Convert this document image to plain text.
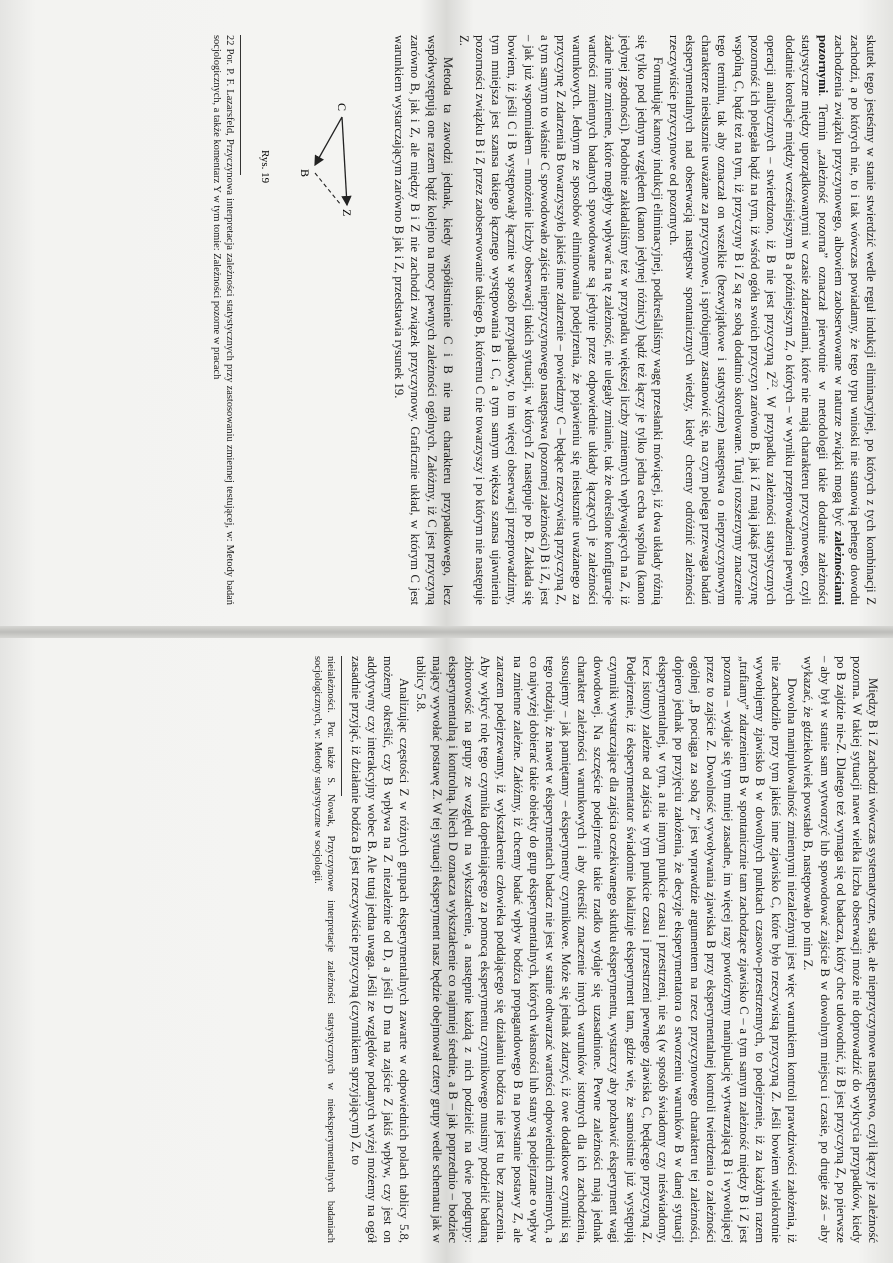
skutek tego jesteśmy w stanie stwierdzić wedle reguł indukcji eliminacyjnej, po których z tych kombinacji Z zachodzi, a po których nie, to i tak wówczas powiadamy, że tego typu wnioski nie stanowią pełnego dowodu zachodzenia związku przyczynowego, albowiem zaobserwowane w naturze związki mogą być zależnościami pozornymi. Termin „zależność pozorna” oznaczał pierwotnie w metodologii takie dodatnie zależności statystyczne między uporządkowanymi w czasie zdarzeniami, które nie mają charakteru przyczynowego, czyli dodatnie korelacje między wcześniejszym B a późniejszym Z, o których – w wyniku przeprowadzenia pewnych operacji analitycznych – stwierdzono, iż B nie jest przyczyną $Z^{22}$. W przypadku zależności statystycznych pozorność ich polegała bądź na tym, iż wśród ogółu swoich przyczyn zarówno B, jak i Z mają jakąś przyczynę wspólną C, bądź też na tym, iż przyczyny B i Z są ze sobą dodatnio skorelowane. Tutaj rozszerzymy znaczenie tego terminu, tak aby oznaczał on wszelkie (bezwyjątkowe i statystyczne) następstwa o nieprzyczynowym charakterze niesłusznie uważane za przyczynowe, i spróbujemy zastanowić się, na czym polega przewaga badań eksperymentalnych nad obserwacją następstw spontanicznych wiedzy, kiedy chcemy odróżnić zależności rzeczywiście przyczynowe od pozornych.

Formułując kanony indukcji eliminacyjnej, podkreślaliśmy wagę przesłanki mówiącej, iż dwa układy różnią się tylko pod jednym względem (kanon jedynej różnicy) bądź też łączy je tylko jedna cecha wspólna (kanon jedynej zgodności). Podobnie zakładaliśmy też w przypadku większej liczby zmiennych wpływających na Z, iż żadne inne zmienne, które mogłyby wpływać na tę zależność, nie ulegały zmianie, tak że określone konfiguracje wartości zmiennych badanych spowodowane są jedynie przez odpowiednie układy łączących je zależności warunkowych. Jednym ze sposobów eliminowania podejrzenia, że pojawieniu się niesłusznie uważanego za przyczynę Z zdarzenia B towarzyszyło jakieś inne zdarzenie – powiedzmy C – będące rzeczywistą przyczyną Z, a tym samym to właśnie C spowodowało zajście nieprzyczynowego następstwa (pozornej zależności) B i Z, jest – jak już wspomniałem – mnożenie liczby obserwacji takich sytuacji, w których Z następuje po B. Zakłada się bowiem, iż jeśli C i B występowały łącznie w sposób przypadkowy, to im więcej obserwacji przeprowadzimy, tym mniejsza jest szansa takiego łącznego występowania B i C, a tym samym większa szansa ujawnienia pozorności związku B i Z przez zaobserwowanie takiego B, któremu C nie towarzyszy i po którym nie następuje Z.

Metoda ta zawodzi jednak, kiedy współistnienie C i B nie ma charakteru przypadkowego, lecz współwystępują one razem bądź kolejno na mocy pewnych zależności ogólnych. Załóżmy, iż C jest przyczyną zarówno B, jak i Z, ale między B i Z nie zachodzi związek przyczynowy. Graficznie układ, w którym C jest warunkiem wystarczającym zarówno B jak i Z, przedstawia rysunek 19.

C
B
Z
Rys. 19

22 Por. P. F. Lazarsfeld, Przyczynowa interpretacja zależności statystycznych przy zastosowaniu zmiennej testującej, w: Metody badań socjologicznych, a także komentarz Y w tym tomie: Zależności pozorne w pracach

Między B i Z zachodzi wówczas systematyczne, stałe, ale nieprzyczynowe następstwo, czyli łączy je zależność pozorna. W takiej sytuacji nawet wielka liczba obserwacji może nie doprowadzić do wykrycia przypadków, kiedy po B zajdzie nie-Z. Dlatego też wymaga się od badacza, który chce udowodnić, iż B jest przyczyną Z, po pierwsze – aby był w stanie sam wytworzyć lub spowodować zajście B w dowolnym miejscu i czasie, po drugie zaś – aby wykazać, że gdziekolwiek powstało B, następowało po nim Z.

Dowolna manipulowalność zmiennymi niezależnymi jest więc warunkiem kontroli prawdziwości założenia, iż nie zachodziło przy tym jakieś inne zjawisko C, które było rzeczywistą przyczyną Z. Jeśli bowiem wielokrotnie wywołujemy zjawisko B w dowolnych punktach czasowo-przestrzennych, to podejrzenie, iż za każdym razem „trafiamy” zdarzeniem B w spontanicznie tam zachodzące zjawisko C – a tym samym zależność między B i Z jest pozorna – wydaje się tym mniej zasadne, im więcej razy powtórzymy manipulację wytwarzającą B i wywołującej przez to zajście Z. Dowolność wywoływania zjawiska B przy eksperymentalnej kontroli twierdzenia o zależności ogólnej „B pociąga za sobą Z” jest wprawdzie argumentem na rzecz przyczynowego charakteru tej zależności, dopiero jednak po przyjęciu założenia, że decyzje eksperymentatora o stworzeniu warunków B w danej sytuacji eksperymentalnej, w tym, a nie innym punkcie czasu i przestrzeni, nie są (w sposób świadomy czy nieświadomy, lecz istotny) zależne od zajścia w tym punkcie czasu i przestrzeni pewnego zjawiska C, będącego przyczyną Z. Podejrzenie, iż eksperymentator świadomie lokalizuje eksperyment tam, gdzie wie, że samoistnie już występują czynniki wystarczające dla zajścia oczekiwanego skutku eksperymentu, wystarczy aby pozbawić eksperyment wagi dowodowej. Na szczęście podejrzenie takie rzadko wydaje się uzasadnione. Pewne zależności mają jednak charakter zależności warunkowych i aby określić znaczenie innych warunków istotnych dla ich zachodzenia, stosujemy – jak pamiętamy – eksperymenty czynnikowe. Może się jednak zdarzyć, iż owe dodatkowe czynniki są tego rodzaju, że nawet w eksperymentach badacz nie jest w stanie odtwarzać wartości odpowiednich zmiennych, a co najwyżej dobierać takie obiekty do grup eksperymentalnych, których własności lub stany są podejrzane o wpływ na zmienne zależne. Załóżmy, iż chcemy badać wpływ bodźca propagandowego B na powstanie postawy Z, ale zarazem podejrzewamy, iż wykształcenie człowieka poddającego się działaniu bodźca nie jest tu bez znaczenia. Aby wykryć rolę tego czynnika dopełniającego za pomocą eksperymentu czynnikowego musimy podzielić badaną zbiorowość na grupy ze względu na wykształcenie, a następnie każdą z nich podzielić na dwie podgrupy: eksperymentalną i kontrolną. Niech D oznacza wykształcenie co najmniej średnie, a B – jak poprzednio – bodziec mający wywołać postawę Z. W tej sytuacji eksperyment nasz będzie obejmował cztery grupy wedle schematu jak w tablicy 5.8.

Analizując częstości Z w różnych grupach eksperymentalnych zawarte w odpowiednich polach tablicy 5.8, możemy określić, czy B wpływa na Z niezależnie od D, a jeśli D ma na zajście Z jakiś wpływ, czy jest on addytywny czy interakcyjny wobec B. Ale tutaj jedna uwaga. Jeśli ze względów podanych wyżej możemy na ogół zasadnie przyjąć, iż działanie bodźca B jest rzeczywiście przyczyną (czynnikiem sprzyjającym) Z, to

nieiależności. Por. także S. Nowak, Przyczynowe interpretacje zależności statystycznych w nieeksperymentalnych badaniach socjologicznych, w: Metody statystyczne w socjologii.
